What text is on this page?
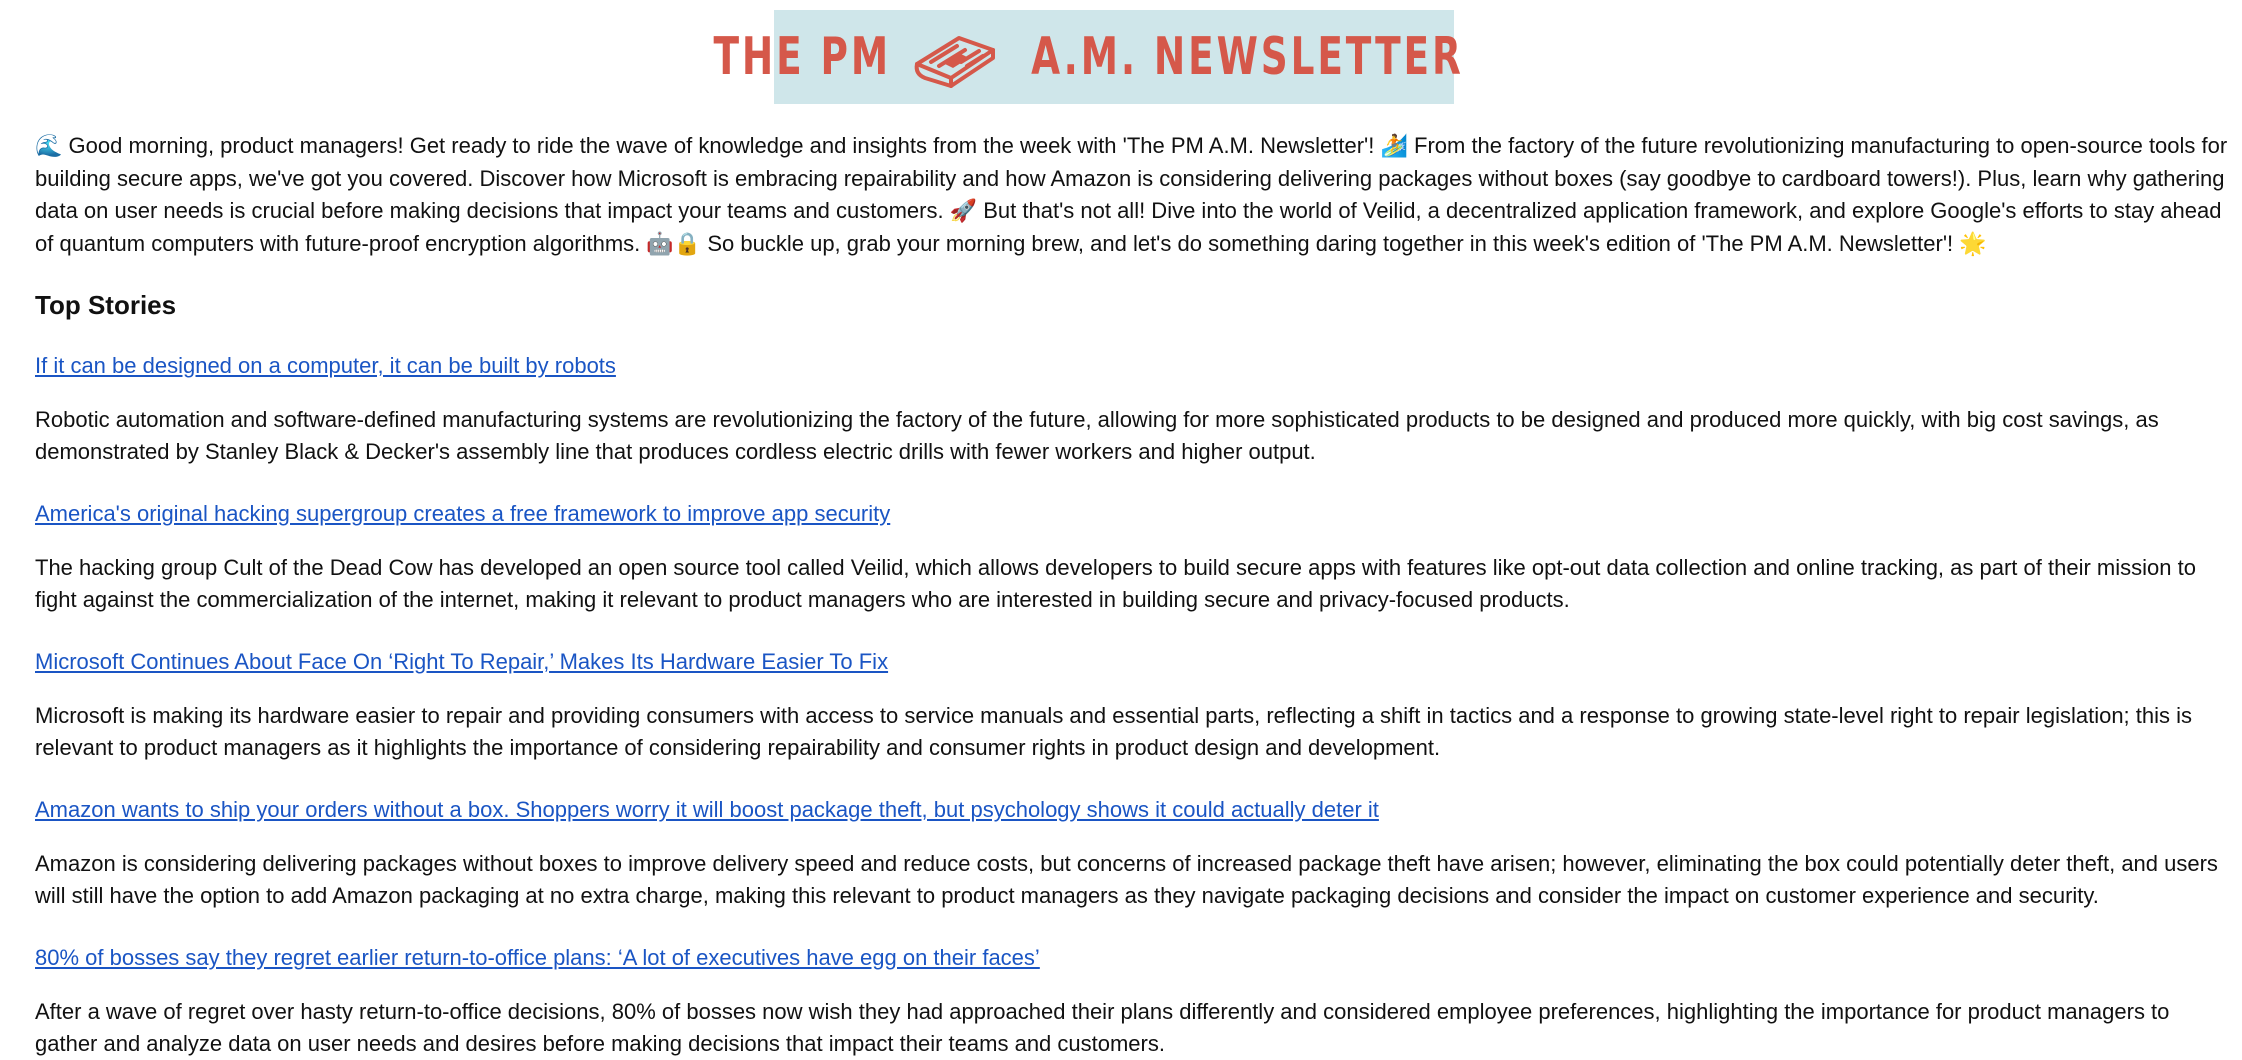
THE PM	A.M. NEWSLETTER

🌊 Good morning, product managers! Get ready to ride the wave of knowledge and insights from the week with 'The PM A.M. Newsletter'! 🏄 From the factory of the future revolutionizing manufacturing to open-source tools for building secure apps, we've got you covered. Discover how Microsoft is embracing repairability and how Amazon is considering delivering packages without boxes (say goodbye to cardboard towers!). Plus, learn why gathering data on user needs is crucial before making decisions that impact your teams and customers. 🚀 But that's not all! Dive into the world of Veilid, a decentralized application framework, and explore Google's efforts to stay ahead of quantum computers with future-proof encryption algorithms. 🤖🔒 So buckle up, grab your morning brew, and let's do something daring together in this week's edition of 'The PM A.M. Newsletter'! 🌟

Top Stories
If it can be designed on a computer, it can be built by robots

Robotic automation and software-defined manufacturing systems are revolutionizing the factory of the future, allowing for more sophisticated products to be designed and produced more quickly, with big cost savings, as demonstrated by Stanley Black & Decker's assembly line that produces cordless electric drills with fewer workers and higher output.

America's original hacking supergroup creates a free framework to improve app security

The hacking group Cult of the Dead Cow has developed an open source tool called Veilid, which allows developers to build secure apps with features like opt-out data collection and online tracking, as part of their mission to fight against the commercialization of the internet, making it relevant to product managers who are interested in building secure and privacy-focused products.

Microsoft Continues About Face On ‘Right To Repair,’ Makes Its Hardware Easier To Fix

Microsoft is making its hardware easier to repair and providing consumers with access to service manuals and essential parts, reflecting a shift in tactics and a response to growing state-level right to repair legislation; this is relevant to product managers as it highlights the importance of considering repairability and consumer rights in product design and development.

Amazon wants to ship your orders without a box. Shoppers worry it will boost package theft, but psychology shows it could actually deter it

Amazon is considering delivering packages without boxes to improve delivery speed and reduce costs, but concerns of increased package theft have arisen; however, eliminating the box could potentially deter theft, and users will still have the option to add Amazon packaging at no extra charge, making this relevant to product managers as they navigate packaging decisions and consider the impact on customer experience and security.

80% of bosses say they regret earlier return-to-office plans: ‘A lot of executives have egg on their faces’

After a wave of regret over hasty return-to-office decisions, 80% of bosses now wish they had approached their plans differently and considered employee preferences, highlighting the importance for product managers to gather and analyze data on user needs and desires before making decisions that impact their teams and customers.
